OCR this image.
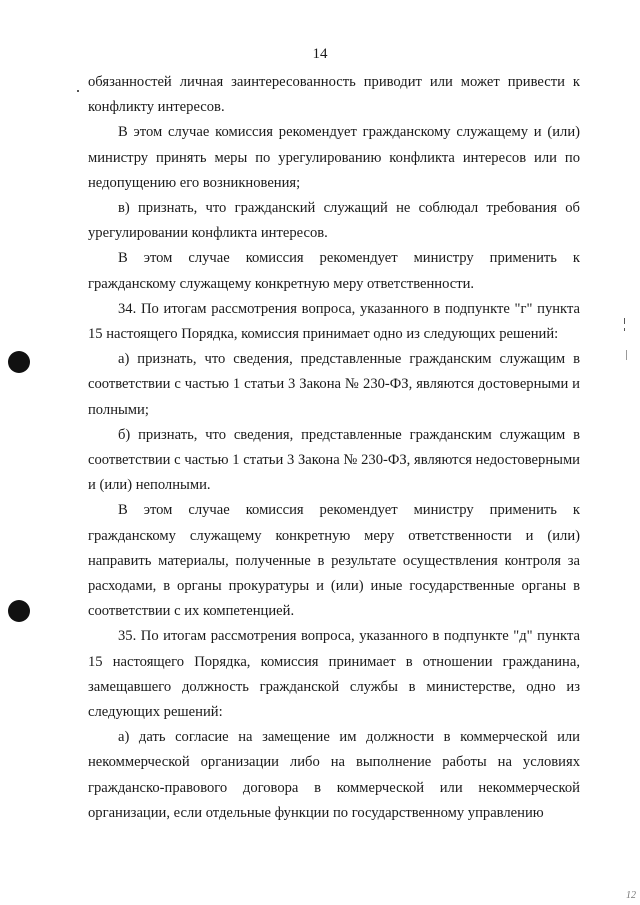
14

обязанностей личная заинтересованность приводит или может привести к конфликту интересов.

В этом случае комиссия рекомендует гражданскому служащему и (или) министру принять меры по урегулированию конфликта интересов или по недопущению его возникновения;

в) признать, что гражданский служащий не соблюдал требования об урегулировании конфликта интересов.

В этом случае комиссия рекомендует министру применить к гражданскому служащему конкретную меру ответственности.

34. По итогам рассмотрения вопроса, указанного в подпункте "г" пункта 15 настоящего Порядка, комиссия принимает одно из следующих решений:

а) признать, что сведения, представленные гражданским служащим в соответствии с частью 1 статьи 3 Закона № 230-ФЗ, являются достоверными и полными;

б) признать, что сведения, представленные гражданским служащим в соответствии с частью 1 статьи 3 Закона № 230-ФЗ, являются недостоверными и (или) неполными.

В этом случае комиссия рекомендует министру применить к гражданскому служащему конкретную меру ответственности и (или) направить материалы, полученные в результате осуществления контроля за расходами, в органы прокуратуры и (или) иные государственные органы в соответствии с их компетенцией.

35. По итогам рассмотрения вопроса, указанного в подпункте "д" пункта 15 настоящего Порядка, комиссия принимает в отношении гражданина, замещавшего должность гражданской службы в министерстве, одно из следующих решений:

а) дать согласие на замещение им должности в коммерческой или некоммерческой организации либо на выполнение работы на условиях гражданско-правового договора в коммерческой или некоммерческой организации, если отдельные функции по государственному управлению

12
